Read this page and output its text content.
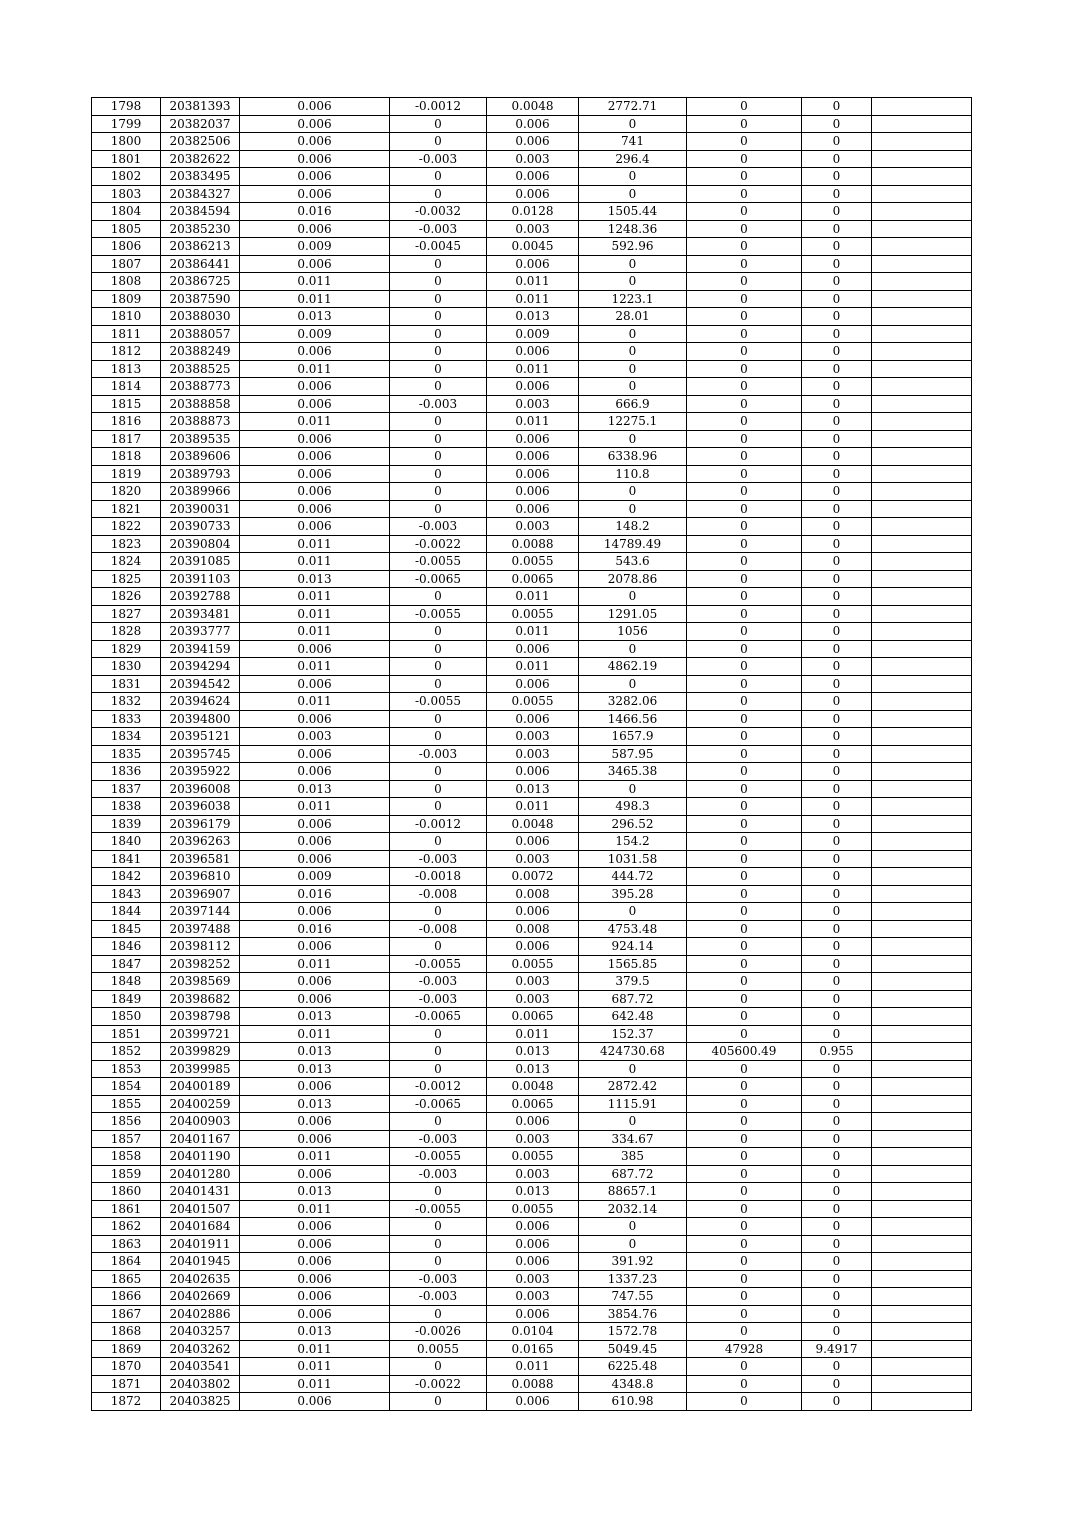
1798	20381393	0.006	-0.0012	0.0048	2772.71	0	0	
1799	20382037	0.006	0	0.006	0	0	0	
1800	20382506	0.006	0	0.006	741	0	0	
1801	20382622	0.006	-0.003	0.003	296.4	0	0	
1802	20383495	0.006	0	0.006	0	0	0	
1803	20384327	0.006	0	0.006	0	0	0	
1804	20384594	0.016	-0.0032	0.0128	1505.44	0	0	
1805	20385230	0.006	-0.003	0.003	1248.36	0	0	
1806	20386213	0.009	-0.0045	0.0045	592.96	0	0	
1807	20386441	0.006	0	0.006	0	0	0	
1808	20386725	0.011	0	0.011	0	0	0	
1809	20387590	0.011	0	0.011	1223.1	0	0	
1810	20388030	0.013	0	0.013	28.01	0	0	
1811	20388057	0.009	0	0.009	0	0	0	
1812	20388249	0.006	0	0.006	0	0	0	
1813	20388525	0.011	0	0.011	0	0	0	
1814	20388773	0.006	0	0.006	0	0	0	
1815	20388858	0.006	-0.003	0.003	666.9	0	0	
1816	20388873	0.011	0	0.011	12275.1	0	0	
1817	20389535	0.006	0	0.006	0	0	0	
1818	20389606	0.006	0	0.006	6338.96	0	0	
1819	20389793	0.006	0	0.006	110.8	0	0	
1820	20389966	0.006	0	0.006	0	0	0	
1821	20390031	0.006	0	0.006	0	0	0	
1822	20390733	0.006	-0.003	0.003	148.2	0	0	
1823	20390804	0.011	-0.0022	0.0088	14789.49	0	0	
1824	20391085	0.011	-0.0055	0.0055	543.6	0	0	
1825	20391103	0.013	-0.0065	0.0065	2078.86	0	0	
1826	20392788	0.011	0	0.011	0	0	0	
1827	20393481	0.011	-0.0055	0.0055	1291.05	0	0	
1828	20393777	0.011	0	0.011	1056	0	0	
1829	20394159	0.006	0	0.006	0	0	0	
1830	20394294	0.011	0	0.011	4862.19	0	0	
1831	20394542	0.006	0	0.006	0	0	0	
1832	20394624	0.011	-0.0055	0.0055	3282.06	0	0	
1833	20394800	0.006	0	0.006	1466.56	0	0	
1834	20395121	0.003	0	0.003	1657.9	0	0	
1835	20395745	0.006	-0.003	0.003	587.95	0	0	
1836	20395922	0.006	0	0.006	3465.38	0	0	
1837	20396008	0.013	0	0.013	0	0	0	
1838	20396038	0.011	0	0.011	498.3	0	0	
1839	20396179	0.006	-0.0012	0.0048	296.52	0	0	
1840	20396263	0.006	0	0.006	154.2	0	0	
1841	20396581	0.006	-0.003	0.003	1031.58	0	0	
1842	20396810	0.009	-0.0018	0.0072	444.72	0	0	
1843	20396907	0.016	-0.008	0.008	395.28	0	0	
1844	20397144	0.006	0	0.006	0	0	0	
1845	20397488	0.016	-0.008	0.008	4753.48	0	0	
1846	20398112	0.006	0	0.006	924.14	0	0	
1847	20398252	0.011	-0.0055	0.0055	1565.85	0	0	
1848	20398569	0.006	-0.003	0.003	379.5	0	0	
1849	20398682	0.006	-0.003	0.003	687.72	0	0	
1850	20398798	0.013	-0.0065	0.0065	642.48	0	0	
1851	20399721	0.011	0	0.011	152.37	0	0	
1852	20399829	0.013	0	0.013	424730.68	405600.49	0.955	
1853	20399985	0.013	0	0.013	0	0	0	
1854	20400189	0.006	-0.0012	0.0048	2872.42	0	0	
1855	20400259	0.013	-0.0065	0.0065	1115.91	0	0	
1856	20400903	0.006	0	0.006	0	0	0	
1857	20401167	0.006	-0.003	0.003	334.67	0	0	
1858	20401190	0.011	-0.0055	0.0055	385	0	0	
1859	20401280	0.006	-0.003	0.003	687.72	0	0	
1860	20401431	0.013	0	0.013	88657.1	0	0	
1861	20401507	0.011	-0.0055	0.0055	2032.14	0	0	
1862	20401684	0.006	0	0.006	0	0	0	
1863	20401911	0.006	0	0.006	0	0	0	
1864	20401945	0.006	0	0.006	391.92	0	0	
1865	20402635	0.006	-0.003	0.003	1337.23	0	0	
1866	20402669	0.006	-0.003	0.003	747.55	0	0	
1867	20402886	0.006	0	0.006	3854.76	0	0	
1868	20403257	0.013	-0.0026	0.0104	1572.78	0	0	
1869	20403262	0.011	0.0055	0.0165	5049.45	47928	9.4917	
1870	20403541	0.011	0	0.011	6225.48	0	0	
1871	20403802	0.011	-0.0022	0.0088	4348.8	0	0	
1872	20403825	0.006	0	0.006	610.98	0	0	
